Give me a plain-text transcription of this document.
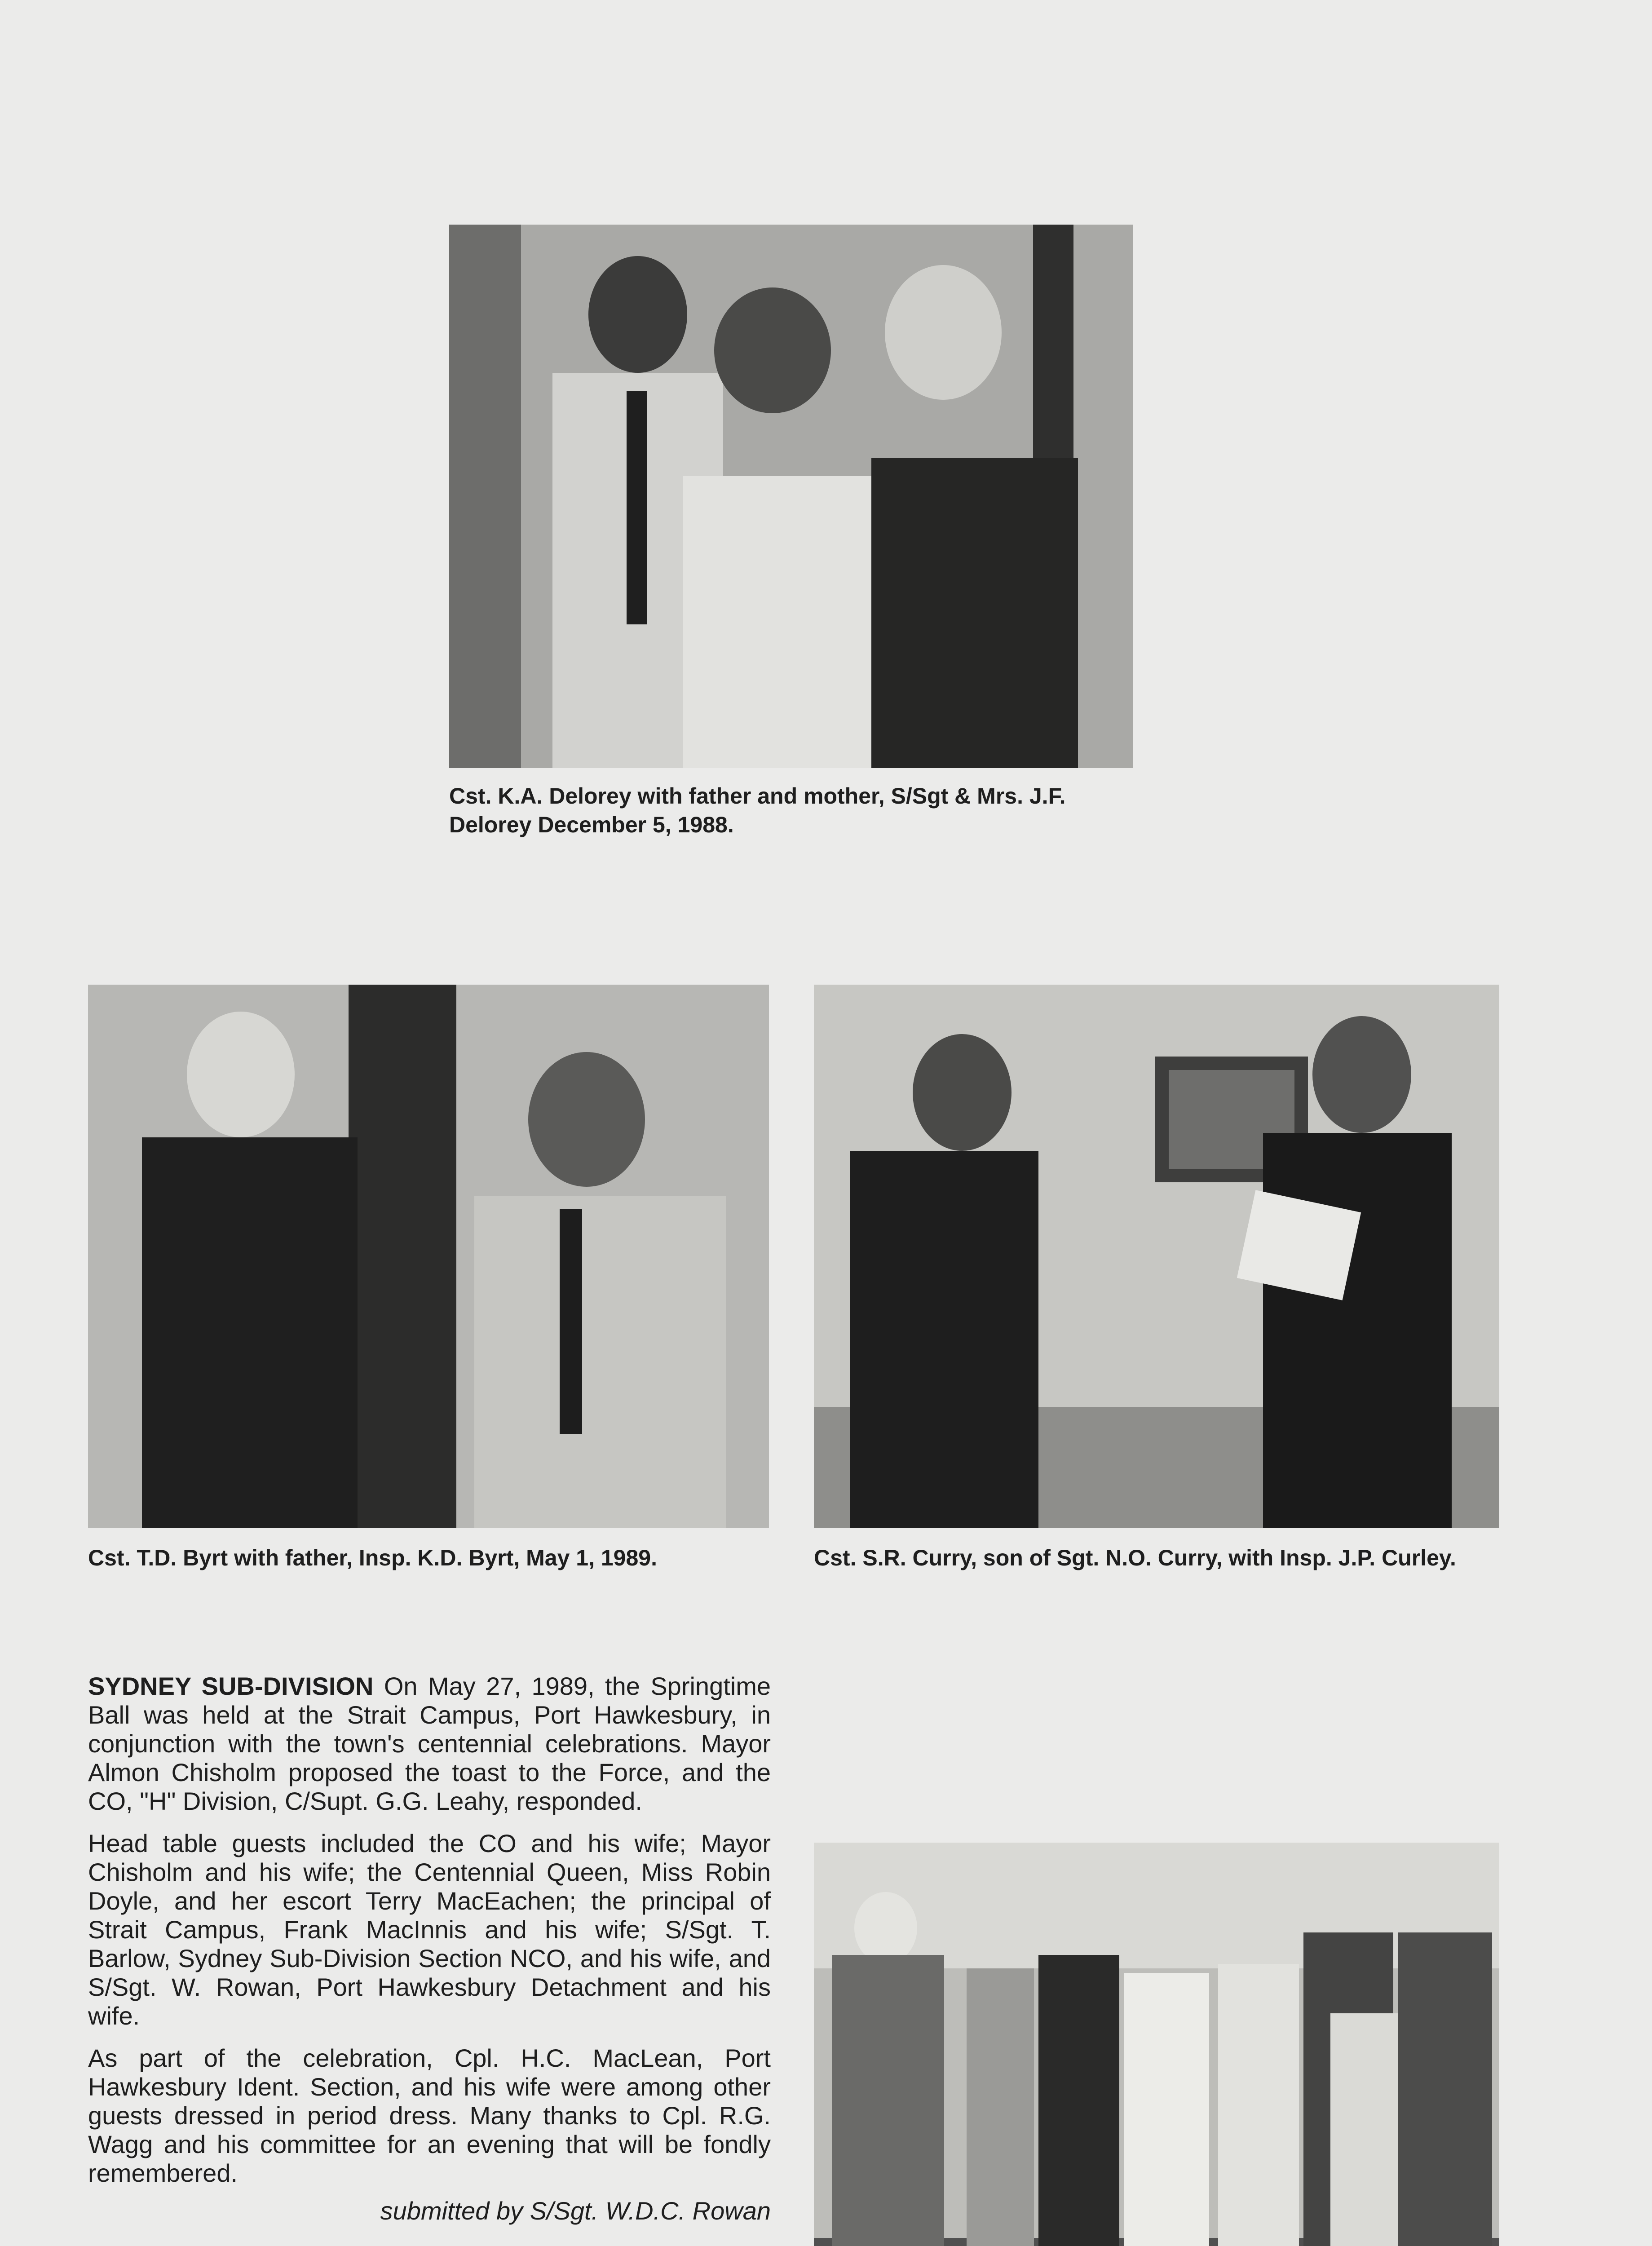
Cst. K.A. Delorey with father and mother, S/Sgt & Mrs. J.F. Delorey December 5, 1988.

Cst. T.D. Byrt with father, Insp. K.D. Byrt, May 1, 1989.	Cst. S.R. Curry, son of Sgt. N.O. Curry, with Insp. J.P. Curley.

SYDNEY SUB-DIVISION On May 27, 1989, the Springtime Ball was held at the Strait Campus, Port Hawkesbury, in conjunction with the town's centennial celebrations. Mayor Almon Chisholm proposed the toast to the Force, and the CO, "H" Division, C/Supt. G.G. Leahy, responded.

Head table guests included the CO and his wife; Mayor Chisholm and his wife; the Centennial Queen, Miss Robin Doyle, and her escort Terry MacEachen; the principal of Strait Campus, Frank MacInnis and his wife; S/Sgt. T. Barlow, Sydney Sub-Division Section NCO, and his wife, and S/Sgt. W. Rowan, Port Hawkesbury Detachment and his wife.

As part of the celebration, Cpl. H.C. MacLean, Port Hawkesbury Ident. Section, and his wife were among other guests dressed in period dress. Many thanks to Cpl. R.G. Wagg and his committee for an evening that will be fondly remembered.

submitted by S/Sgt. W.D.C. Rowan
